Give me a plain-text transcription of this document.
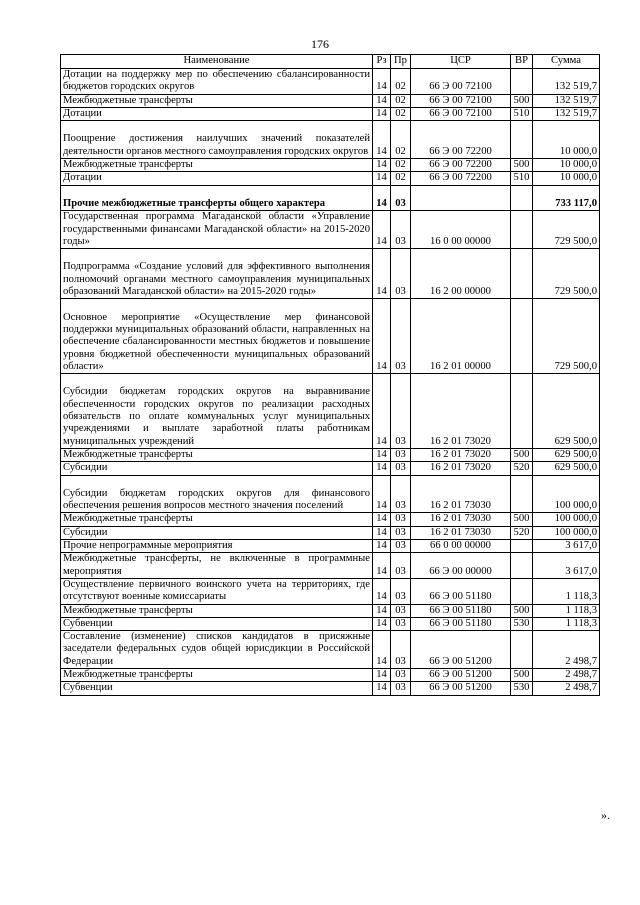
176
Наименование	Рз	Пр	ЦСР	ВР	Сумма
Дотации на поддержку мер по обеспечению сбалансированности бюджетов городских округов	14	02	66 Э 00 72100		132 519,7
Межбюджетные трансферты	14	02	66 Э 00 72100	500	132 519,7
Дотации	14	02	66 Э 00 72100	510	132 519,7
Поощрение достижения наилучших значений показателей деятельности органов местного самоуправления городских округов	14	02	66 Э 00 72200		10 000,0
Межбюджетные трансферты	14	02	66 Э 00 72200	500	10 000,0
Дотации	14	02	66 Э 00 72200	510	10 000,0
Прочие межбюджетные трансферты общего характера	14	03			733 117,0
Государственная программа Магаданской области «Управление государственными финансами Магаданской области» на 2015-2020 годы»	14	03	16 0 00 00000		729 500,0
Подпрограмма «Создание условий для эффективного выполнения полномочий органами местного самоуправления муниципальных образований Магаданской области» на 2015-2020 годы»	14	03	16 2 00 00000		729 500,0
Основное мероприятие «Осуществление мер финансовой поддержки муниципальных образований области, направленных на обеспечение сбалансированности местных бюджетов и повышение уровня бюджетной обеспеченности муниципальных образований области»	14	03	16 2 01 00000		729 500,0
Субсидии бюджетам городских округов на выравнивание обеспеченности городских округов по реализации расходных обязательств по оплате коммунальных услуг муниципальных учреждениями и выплате заработной платы работникам муниципальных учреждений	14	03	16 2 01 73020		629 500,0
Межбюджетные трансферты	14	03	16 2 01 73020	500	629 500,0
Субсидии	14	03	16 2 01 73020	520	629 500,0
Субсидии бюджетам городских округов для финансового обеспечения решения вопросов местного значения поселений	14	03	16 2 01 73030		100 000,0
Межбюджетные трансферты	14	03	16 2 01 73030	500	100 000,0
Субсидии	14	03	16 2 01 73030	520	100 000,0
Прочие непрограммные мероприятия	14	03	66 0 00 00000		3 617,0
Межбюджетные трансферты, не включенные в программные мероприятия	14	03	66 Э 00 00000		3 617,0
Осуществление первичного воинского учета на территориях, где отсутствуют военные комиссариаты	14	03	66 Э 00 51180		1 118,3
Межбюджетные трансферты	14	03	66 Э 00 51180	500	1 118,3
Субвенции	14	03	66 Э 00 51180	530	1 118,3
Составление (изменение) списков кандидатов в присяжные заседатели федеральных судов общей юрисдикции в Российской Федерации	14	03	66 Э 00 51200		2 498,7
Межбюджетные трансферты	14	03	66 Э 00 51200	500	2 498,7
Субвенции	14	03	66 Э 00 51200	530	2 498,7
».
